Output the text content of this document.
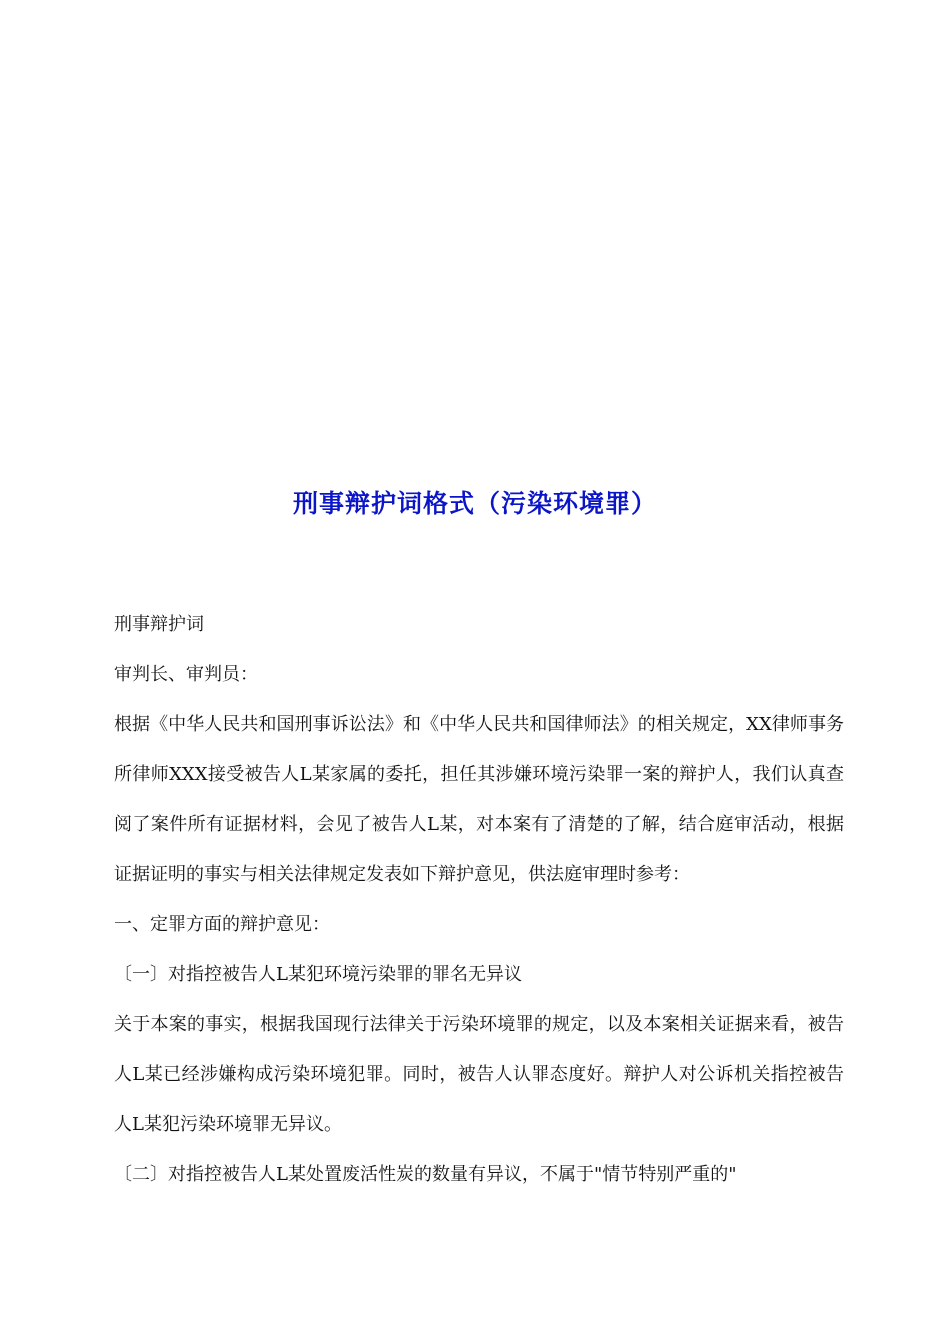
刑事辩护词格式（污染环境罪）

刑事辩护词

审判长、审判员：

根据《中华人民共和国刑事诉讼法》和《中华人民共和国律师法》的相关规定，XX律师事务所律师XXX接受被告人L某家属的委托，担任其涉嫌环境污染罪一案的辩护人，我们认真查阅了案件所有证据材料，会见了被告人L某，对本案有了清楚的了解，结合庭审活动，根据证据证明的事实与相关法律规定发表如下辩护意见，供法庭审理时参考：

一、定罪方面的辩护意见：

〔一〕对指控被告人L某犯环境污染罪的罪名无异议

关于本案的事实，根据我国现行法律关于污染环境罪的规定，以及本案相关证据来看，被告人L某已经涉嫌构成污染环境犯罪。同时，被告人认罪态度好。辩护人对公诉机关指控被告人L某犯污染环境罪无异议。

〔二〕对指控被告人L某处置废活性炭的数量有异议，不属于"情节特别严重的"
